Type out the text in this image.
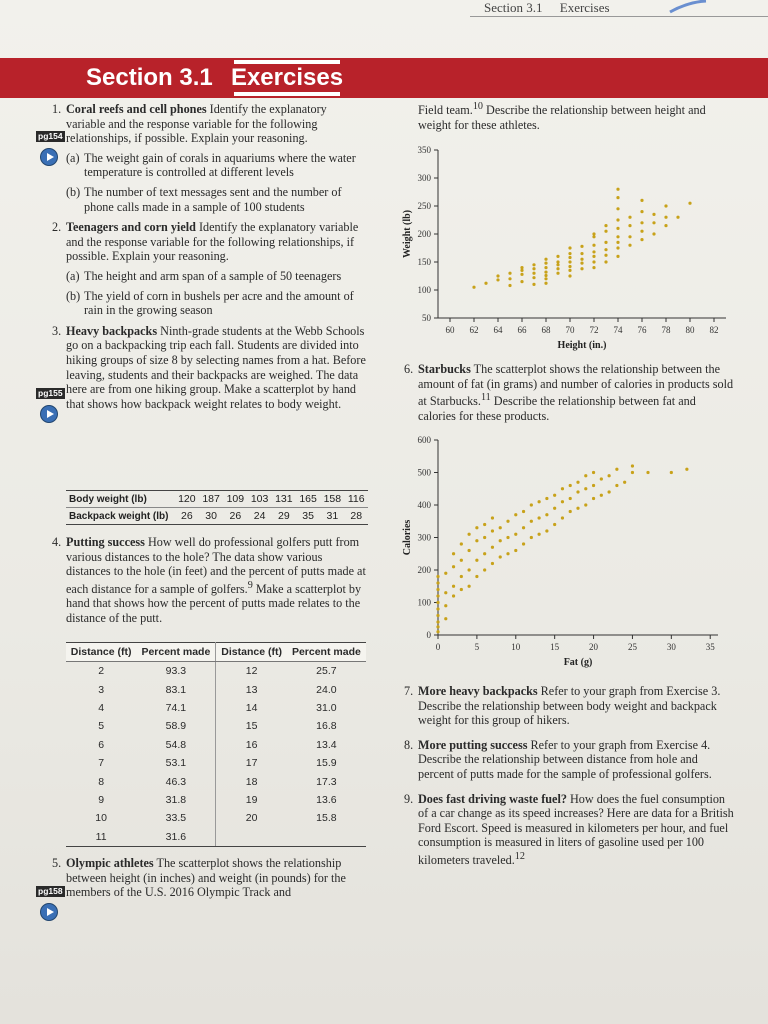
Section 3.1 Exercises
Section 3.1 Exercises
1. Coral reefs and cell phones Identify the explanatory variable and the response variable for the following relationships, if possible. Explain your reasoning.
(a) The weight gain of corals in aquariums where the water temperature is controlled at different levels
(b) The number of text messages sent and the number of phone calls made in a sample of 100 students
2. Teenagers and corn yield Identify the explanatory variable and the response variable for the following relationships, if possible. Explain your reasoning.
(a) The height and arm span of a sample of 50 teenagers
(b) The yield of corn in bushels per acre and the amount of rain in the growing season
3. Heavy backpacks Ninth-grade students at the Webb Schools go on a backpacking trip each fall. Students are divided into hiking groups of size 8 by selecting names from a hat. Before leaving, students and their backpacks are weighed. The data here are from one hiking group. Make a scatterplot by hand that shows how backpack weight relates to body weight.
pg154
pg155
pg158
Body weight (lb)	120	187	109	103	131	165	158	116
Backpack weight (lb)	26	30	26	24	29	35	31	28
4. Putting success How well do professional golfers putt from various distances to the hole? The data show various distances to the hole (in feet) and the percent of putts made at each distance for a sample of golfers.$^9$ Make a scatterplot by hand that shows how the percent of putts made relates to the distance of the putt.
Distance (ft)	Percent made	Distance (ft)	Percent made
2	93.3	12	25.7
3	83.1	13	24.0
4	74.1	14	31.0
5	58.9	15	16.8
6	54.8	16	13.4
7	53.1	17	15.9
8	46.3	18	17.3
9	31.8	19	13.6
10	33.5	20	15.8
11	31.6		
5. Olympic athletes The scatterplot shows the relationship between height (in inches) and weight (in pounds) for the members of the U.S. 2016 Olympic Track and
Field team.$^{10}$ Describe the relationship between height and weight for these athletes.
60 62 64 66 68 70 72 74 76 78 80 82
50
100
150
200
250
300
350
Height (in.)
Weight (lb)
6. Starbucks The scatterplot shows the relationship between the amount of fat (in grams) and number of calories in products sold at Starbucks.$^{11}$ Describe the relationship between fat and calories for these products.
0	5	10	15	20	25	30	35
0
100
200
300
400
500
600
Fat (g)
Calories
7. More heavy backpacks Refer to your graph from Exercise 3. Describe the relationship between body weight and backpack weight for this group of hikers.
8. More putting success Refer to your graph from Exercise 4. Describe the relationship between distance from hole and percent of putts made for the sample of professional golfers.
9. Does fast driving waste fuel? How does the fuel consumption of a car change as its speed increases? Here are data for a British Ford Escort. Speed is measured in kilometers per hour, and fuel consumption is measured in liters of gasoline used per 100 kilometers traveled.$^{12}$
